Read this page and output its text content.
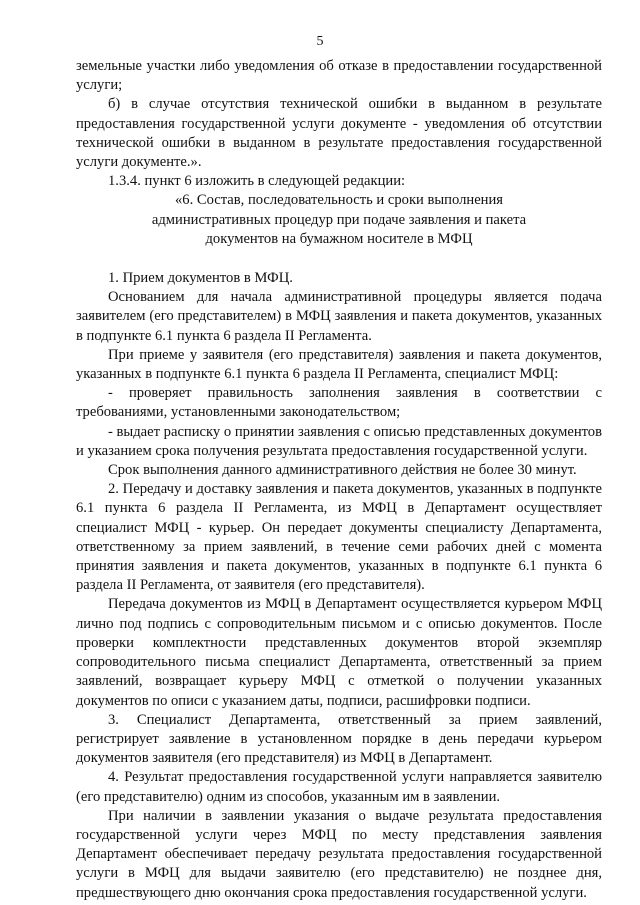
5

земельные участки либо уведомления об отказе в предоставлении государственной услуги;

б) в случае отсутствия технической ошибки в выданном в результате предоставления государственной услуги документе - уведомления об отсутствии технической ошибки в выданном в результате предоставления государственной услуги документе.».

1.3.4. пункт 6 изложить в следующей редакции:

«6. Состав, последовательность и сроки выполнения административных процедур при подаче заявления и пакета документов на бумажном носителе в МФЦ

1. Прием документов в МФЦ.

Основанием для начала административной процедуры является подача заявителем (его представителем) в МФЦ заявления и пакета документов, указанных в подпункте 6.1 пункта 6 раздела II Регламента.

При приеме у заявителя (его представителя) заявления и пакета документов, указанных в подпункте 6.1 пункта 6 раздела II Регламента, специалист МФЦ:

- проверяет правильность заполнения заявления в соответствии с требованиями, установленными законодательством;

- выдает расписку о принятии заявления с описью представленных документов и указанием срока получения результата предоставления государственной услуги.

Срок выполнения данного административного действия не более 30 минут.

2. Передачу и доставку заявления и пакета документов, указанных в подпункте 6.1 пункта 6 раздела II Регламента, из МФЦ в Департамент осуществляет специалист МФЦ - курьер. Он передает документы специалисту Департамента, ответственному за прием заявлений, в течение семи рабочих дней с момента принятия заявления и пакета документов, указанных в подпункте 6.1 пункта 6 раздела II Регламента, от заявителя (его представителя).

Передача документов из МФЦ в Департамент осуществляется курьером МФЦ лично под подпись с сопроводительным письмом и с описью документов. После проверки комплектности представленных документов второй экземпляр сопроводительного письма специалист Департамента, ответственный за прием заявлений, возвращает курьеру МФЦ с отметкой о получении указанных документов по описи с указанием даты, подписи, расшифровки подписи.

3. Специалист Департамента, ответственный за прием заявлений, регистрирует заявление в установленном порядке в день передачи курьером документов заявителя (его представителя) из МФЦ в Департамент.

4. Результат предоставления государственной услуги направляется заявителю (его представителю) одним из способов, указанным им в заявлении.

При наличии в заявлении указания о выдаче результата предоставления государственной услуги через МФЦ по месту представления заявления Департамент обеспечивает передачу результата предоставления государственной услуги в МФЦ для выдачи заявителю (его представителю) не позднее дня, предшествующего дню окончания срока предоставления государственной услуги.
